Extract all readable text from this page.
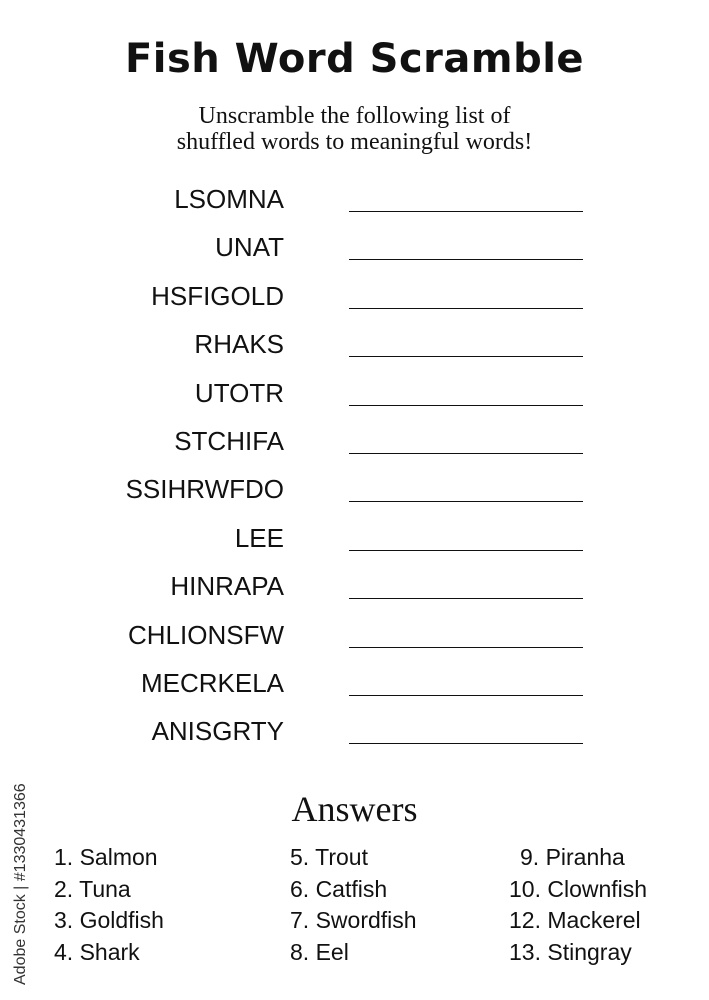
Fish Word Scramble
Unscramble the following list of
shuffled words to meaningful words!
LSOMNA
UNAT
HSFIGOLD
RHAKS
UTOTR
STCHIFA
SSIHRWFDO
LEE
HINRAPA
CHLIONSFW
MECRKELA
ANISGRTY
Answers
1. Salmon
2. Tuna
3. Goldfish
4. Shark
5. Trout
6. Catfish
7. Swordfish
8. Eel
9. Piranha
10. Clownfish
12. Mackerel
13. Stingray
Adobe Stock | #1330431366
